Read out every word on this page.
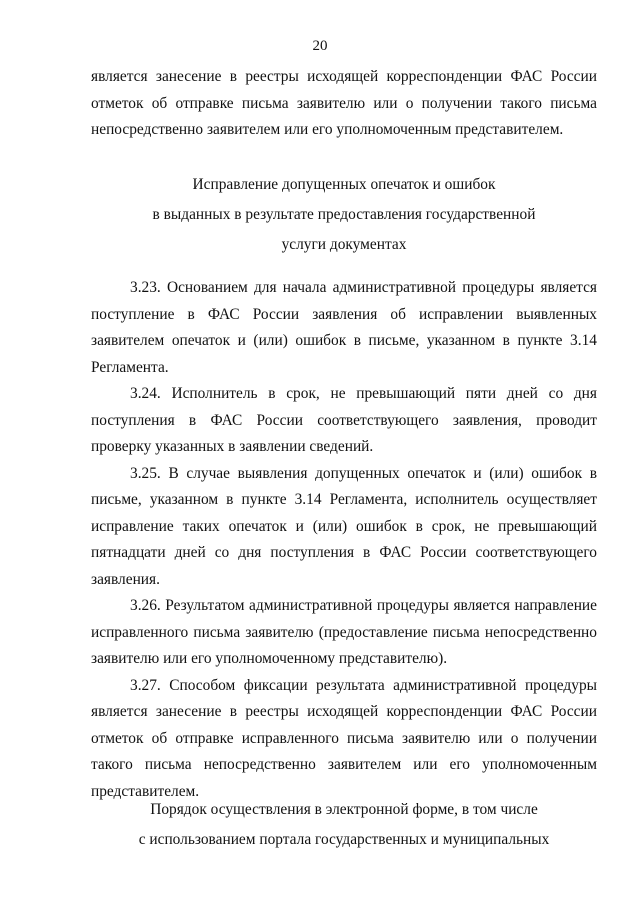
20

является занесение в реестры исходящей корреспонденции ФАС России отметок об отправке письма заявителю или о получении такого письма непосредственно заявителем или его уполномоченным представителем.

Исправление допущенных опечаток и ошибок
в выданных в результате предоставления государственной
услуги документах

3.23. Основанием для начала административной процедуры является поступление в ФАС России заявления об исправлении выявленных заявителем опечаток и (или) ошибок в письме, указанном в пункте 3.14 Регламента.

3.24. Исполнитель в срок, не превышающий пяти дней со дня поступления в ФАС России соответствующего заявления, проводит проверку указанных в заявлении сведений.

3.25. В случае выявления допущенных опечаток и (или) ошибок в письме, указанном в пункте 3.14 Регламента, исполнитель осуществляет исправление таких опечаток и (или) ошибок в срок, не превышающий пятнадцати дней со дня поступления в ФАС России соответствующего заявления.

3.26. Результатом административной процедуры является направление исправленного письма заявителю (предоставление письма непосредственно заявителю или его уполномоченному представителю).

3.27. Способом фиксации результата административной процедуры является занесение в реестры исходящей корреспонденции ФАС России отметок об отправке исправленного письма заявителю или о получении такого письма непосредственно заявителем или его уполномоченным представителем.

Порядок осуществления в электронной форме, в том числе
с использованием портала государственных и муниципальных
